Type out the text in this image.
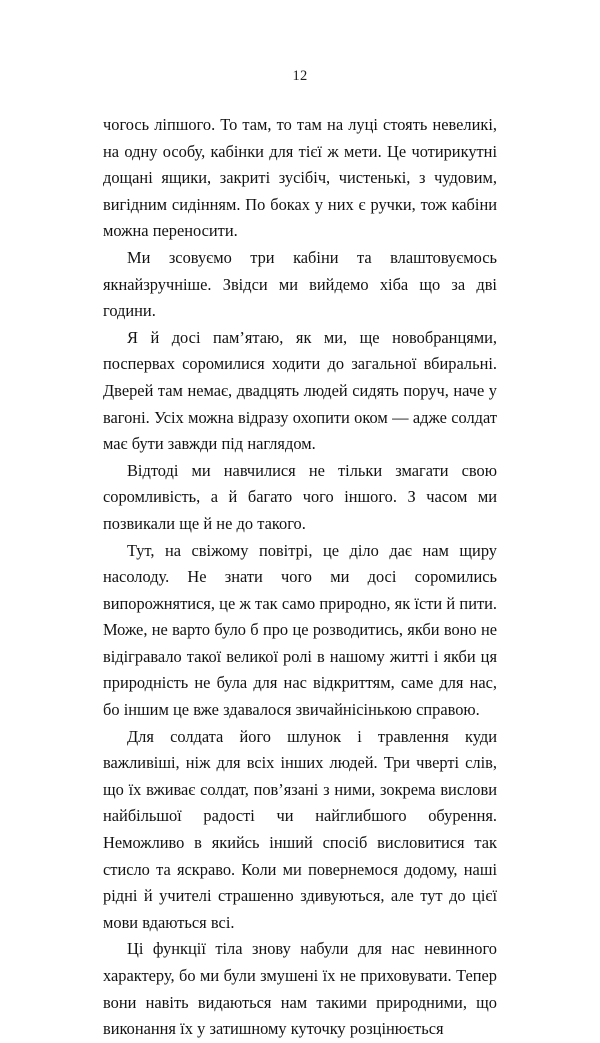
12

чогось ліпшого. То там, то там на луці стоять невеликі, на одну особу, кабінки для тієї ж мети. Це чотирикутні дощані ящики, закриті зусібіч, чистенькі, з чудовим, вигідним сидінням. По боках у них є ручки, тож кабіни можна переносити.

Ми зсовуємо три кабіни та влаштовуємось якнайзручніше. Звідси ми вийдемо хіба що за дві години.

Я й досі пам’ятаю, як ми, ще новобранцями, поспервах соромилися ходити до загальної вбиральні. Дверей там немає, двадцять людей сидять поруч, наче у вагоні. Усіх можна відразу охопити оком — адже солдат має бути завжди під наглядом.

Відтоді ми навчилися не тільки змагати свою соромливість, а й багато чого іншого. З часом ми позвикали ще й не до такого.

Тут, на свіжому повітрі, це діло дає нам щиру насолоду. Не знати чого ми досі соромились випорожнятися, це ж так само природно, як їсти й пити. Може, не варто було б про це розводитись, якби воно не відігравало такої великої ролі в нашому житті і якби ця природність не була для нас відкриттям, саме для нас, бо іншим це вже здавалося звичайнісінькою справою.

Для солдата його шлунок і травлення куди важливіші, ніж для всіх інших людей. Три чверті слів, що їх вживає солдат, пов’язані з ними, зокрема вислови найбільшої радості чи найглибшого обурення. Неможливо в якийсь інший спосіб висловитися так стисло та яскраво. Коли ми повернемося додому, наші рідні й учителі страшенно здивуються, але тут до цієї мови вдаються всі.

Ці функції тіла знову набули для нас невинного характеру, бо ми були змушені їх не приховувати. Тепер вони навіть видаються нам такими природними, що виконання їх у затишному куточку розцінюється
